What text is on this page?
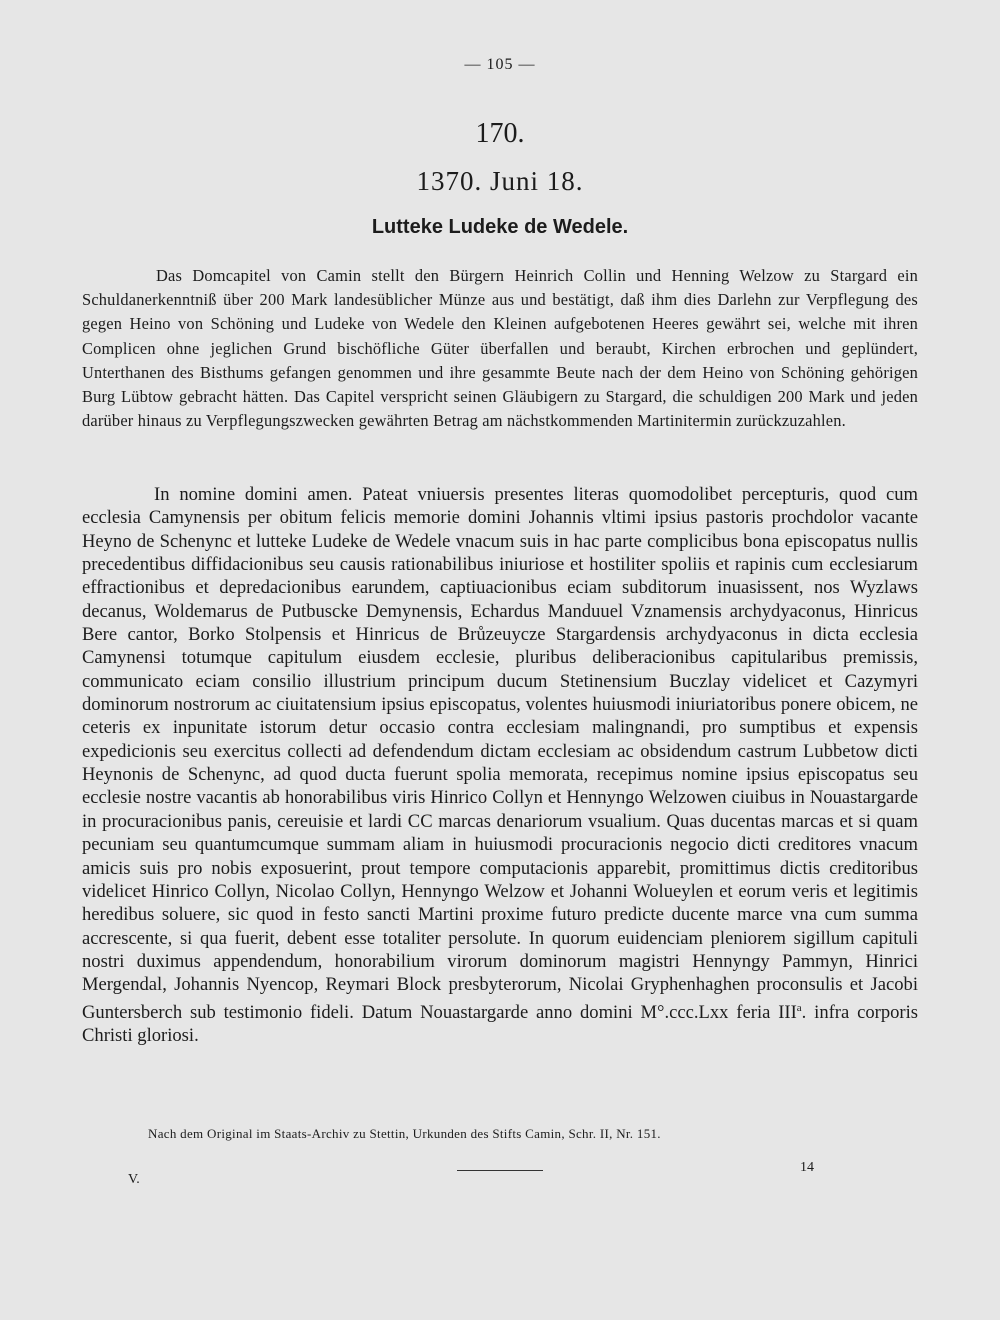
— 105 —
170.
1370. Juni 18.
Lutteke Ludeke de Wedele.

Das Domcapitel von Camin stellt den Bürgern Heinrich Collin und Henning Welzow zu Stargard ein Schuldanerkenntniß über 200 Mark landesüblicher Münze aus und bestätigt, daß ihm dies Darlehn zur Verpflegung des gegen Heino von Schöning und Ludeke von Wedele den Kleinen aufgebotenen Heeres gewährt sei, welche mit ihren Complicen ohne jeglichen Grund bischöfliche Güter überfallen und beraubt, Kirchen erbrochen und geplündert, Unterthanen des Bisthums gefangen genommen und ihre gesammte Beute nach der dem Heino von Schöning gehörigen Burg Lübtow gebracht hätten. Das Capitel verspricht seinen Gläubigern zu Stargard, die schuldigen 200 Mark und jeden darüber hinaus zu Verpflegungszwecken gewährten Betrag am nächstkommenden Martinitermin zurückzuzahlen.

In nomine domini amen. Pateat vniuersis presentes literas quomodolibet percepturis, quod cum ecclesia Camynensis per obitum felicis memorie domini Johannis vltimi ipsius pastoris prochdolor vacante Heyno de Schenync et lutteke Ludeke de Wedele vnacum suis in hac parte complicibus bona episcopatus nullis precedentibus diffidacionibus seu causis rationabilibus iniuriose et hostiliter spoliis et rapinis cum ecclesiarum effractionibus et depredacionibus earundem, captiuacionibus eciam subditorum inuasissent, nos Wyzlaws decanus, Woldemarus de Putbuscke Demynensis, Echardus Manduuel Vznamensis archydyaconus, Hinricus Bere cantor, Borko Stolpensis et Hinricus de Brůzeuycze Stargardensis archydyaconus in dicta ecclesia Camynensi totumque capitulum eiusdem ecclesie, pluribus deliberacionibus capitularibus premissis, communicato eciam consilio illustrium principum ducum Stetinensium Buczlay videlicet et Cazymyri dominorum nostrorum ac ciuitatensium ipsius episcopatus, volentes huiusmodi iniuriatoribus ponere obicem, ne ceteris ex inpunitate istorum detur occasio contra ecclesiam malingnandi, pro sumptibus et expensis expedicionis seu exercitus collecti ad defendendum dictam ecclesiam ac obsidendum castrum Lubbetow dicti Heynonis de Schenync, ad quod ducta fuerunt spolia memorata, recepimus nomine ipsius episcopatus seu ecclesie nostre vacantis ab honorabilibus viris Hinrico Collyn et Hennyngo Welzowen ciuibus in Nouastargarde in procuracionibus panis, cereuisie et lardi CC marcas denariorum vsualium. Quas ducentas marcas et si quam pecuniam seu quantumcumque summam aliam in huiusmodi procuracionis negocio dicti creditores vnacum amicis suis pro nobis exposuerint, prout tempore computacionis apparebit, promittimus dictis creditoribus videlicet Hinrico Collyn, Nicolao Collyn, Hennyngo Welzow et Johanni Wolueylen et eorum veris et legitimis heredibus soluere, sic quod in festo sancti Martini proxime futuro predicte ducente marce vna cum summa accrescente, si qua fuerit, debent esse totaliter persolute. In quorum euidenciam pleniorem sigillum capituli nostri duximus appendendum, honorabilium virorum dominorum magistri Hennyngy Pammyn, Hinrici Mergendal, Johannis Nyencop, Reymari Block presbyterorum, Nicolai Gryphenhaghen proconsulis et Jacobi Guntersberch sub testimonio fideli. Datum Nouastargarde anno domini M°.ccc.Lxx feria III$^a$. infra corporis Christi gloriosi.

Nach dem Original im Staats-Archiv zu Stettin, Urkunden des Stifts Camin, Schr. II, Nr. 151.
V.
14
